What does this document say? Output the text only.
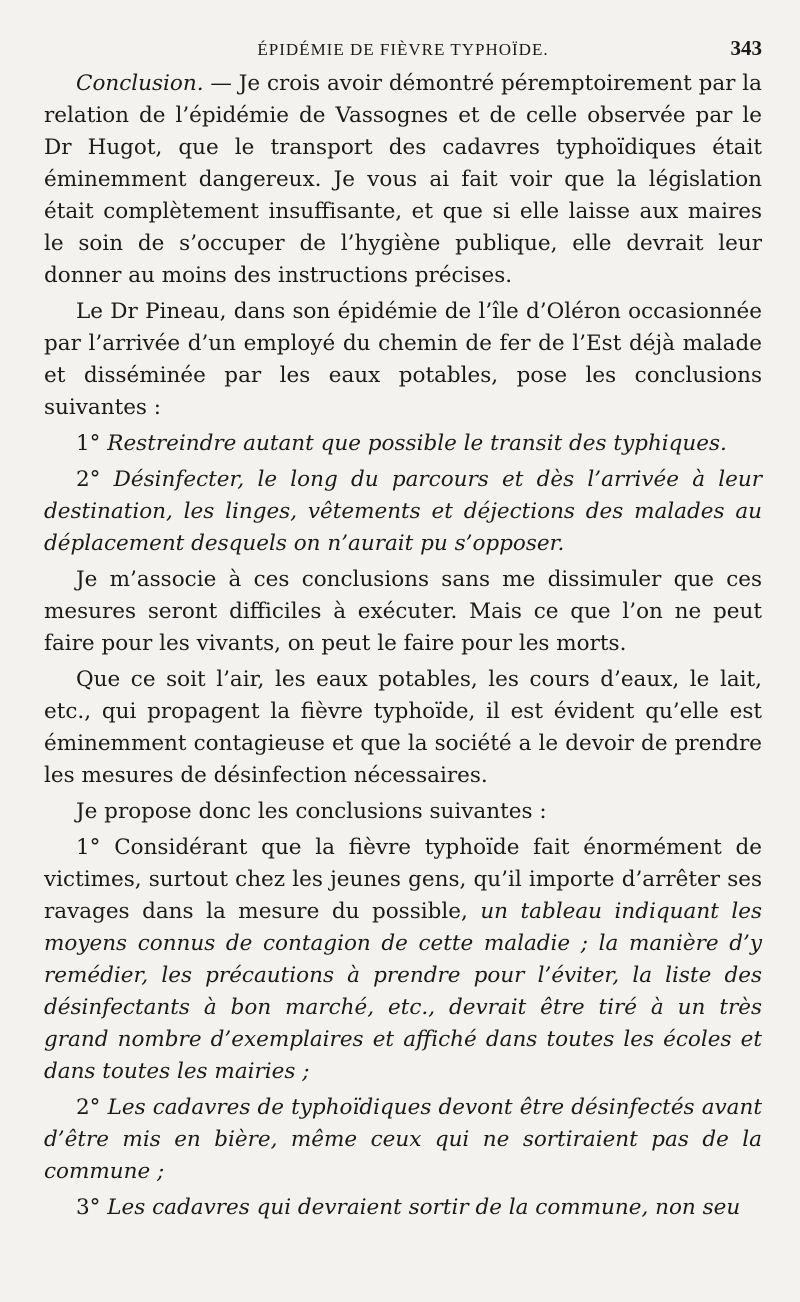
ÉPIDÉMIE DE FIÈVRE TYPHOÏDE.	343

Conclusion. — Je crois avoir démontré péremptoirement par la relation de l’épidémie de Vassognes et de celle observée par le Dr Hugot, que le transport des cadavres typhoïdiques était éminemment dangereux. Je vous ai fait voir que la législation était complètement insuffisante, et que si elle laisse aux maires le soin de s’occuper de l’hygiène publique, elle devrait leur donner au moins des instructions précises.

Le Dr Pineau, dans son épidémie de l’île d’Oléron occasionnée par l’arrivée d’un employé du chemin de fer de l’Est déjà malade et disséminée par les eaux potables, pose les conclusions suivantes :

1° Restreindre autant que possible le transit des typhiques.

2° Désinfecter, le long du parcours et dès l’arrivée à leur destination, les linges, vêtements et déjections des malades au déplacement desquels on n’aurait pu s’opposer.

Je m’associe à ces conclusions sans me dissimuler que ces mesures seront difficiles à exécuter. Mais ce que l’on ne peut faire pour les vivants, on peut le faire pour les morts.

Que ce soit l’air, les eaux potables, les cours d’eaux, le lait, etc., qui propagent la fièvre typhoïde, il est évident qu’elle est éminemment contagieuse et que la société a le devoir de prendre les mesures de désinfection nécessaires.

Je propose donc les conclusions suivantes :

1° Considérant que la fièvre typhoïde fait énormément de victimes, surtout chez les jeunes gens, qu’il importe d’arrêter ses ravages dans la mesure du possible, un tableau indiquant les moyens connus de contagion de cette maladie ; la manière d’y remédier, les précautions à prendre pour l’éviter, la liste des désinfectants à bon marché, etc., devrait être tiré à un très grand nombre d’exemplaires et affiché dans toutes les écoles et dans toutes les mairies ;

2° Les cadavres de typhoïdiques devont être désinfectés avant d’être mis en bière, même ceux qui ne sortiraient pas de la commune ;

3° Les cadavres qui devraient sortir de la commune, non seu
